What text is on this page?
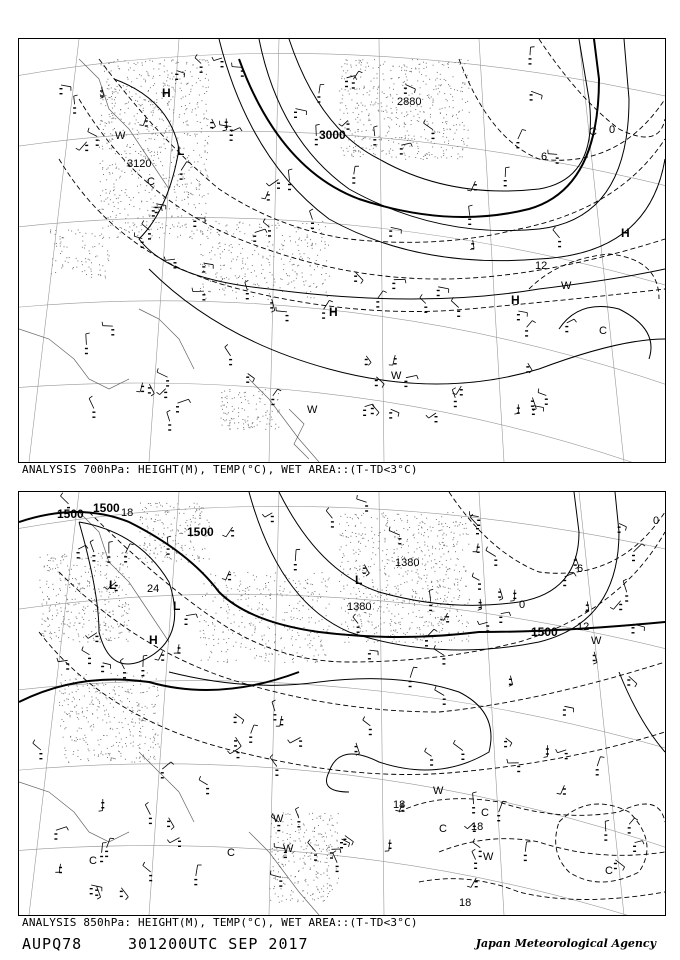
3000
3120
2880
12
6
0
H
L
H
H
H
W
W
W
C
C
C
W
ANALYSIS 700hPa: HEIGHT(M), TEMP(°C), WET AREA::(T-TD<3°C)
1500 1500
1500
1500
1380
1380
24
18
18
18
12
6
0
0
18
L
L
H
L
W
W
W
C
C
C
C
W
W
C
ANALYSIS 850hPa: HEIGHT(M), TEMP(°C), WET AREA::(T-TD<3°C)
AUPQ78	301200UTC SEP 2017	Japan Meteorological Agency
